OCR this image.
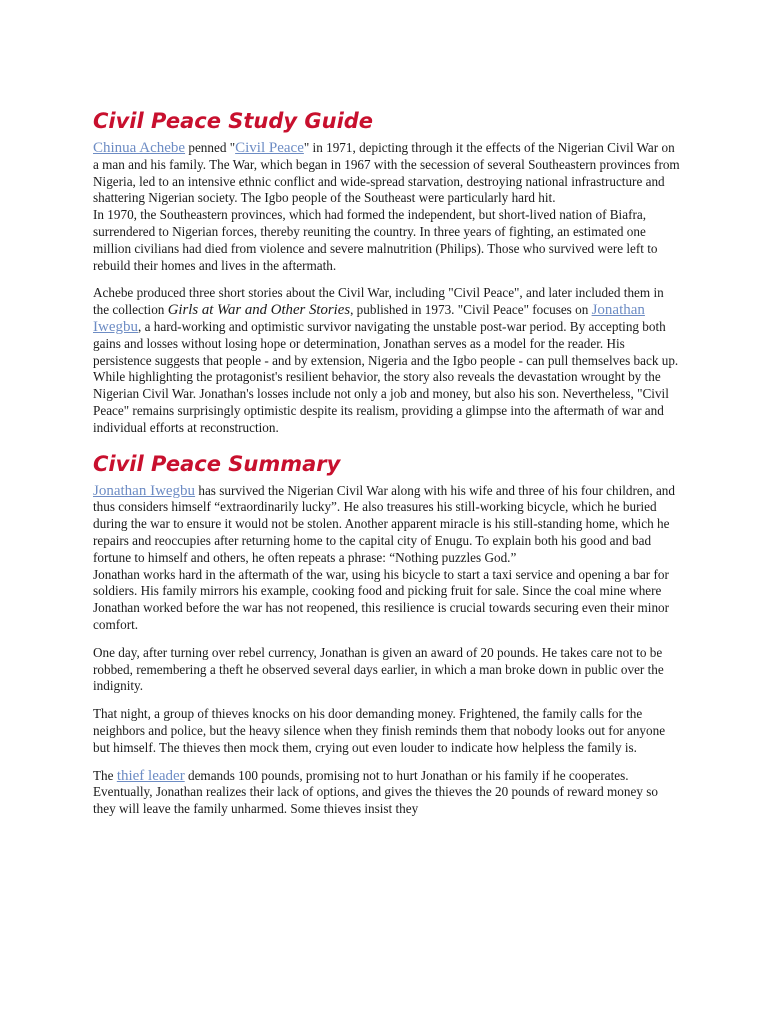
Civil Peace Study Guide

Chinua Achebe penned "Civil Peace" in 1971, depicting through it the effects of the Nigerian Civil War on a man and his family. The War, which began in 1967 with the secession of several Southeastern provinces from Nigeria, led to an intensive ethnic conflict and wide-spread starvation, destroying national infrastructure and shattering Nigerian society. The Igbo people of the Southeast were particularly hard hit.

In 1970, the Southeastern provinces, which had formed the independent, but short-lived nation of Biafra, surrendered to Nigerian forces, thereby reuniting the country. In three years of fighting, an estimated one million civilians had died from violence and severe malnutrition (Philips). Those who survived were left to rebuild their homes and lives in the aftermath.

Achebe produced three short stories about the Civil War, including "Civil Peace", and later included them in the collection Girls at War and Other Stories, published in 1973. "Civil Peace" focuses on Jonathan Iwegbu, a hard-working and optimistic survivor navigating the unstable post-war period. By accepting both gains and losses without losing hope or determination, Jonathan serves as a model for the reader. His persistence suggests that people - and by extension, Nigeria and the Igbo people - can pull themselves back up. While highlighting the protagonist's resilient behavior, the story also reveals the devastation wrought by the Nigerian Civil War. Jonathan's losses include not only a job and money, but also his son. Nevertheless, "Civil Peace" remains surprisingly optimistic despite its realism, providing a glimpse into the aftermath of war and individual efforts at reconstruction.

Civil Peace Summary

Jonathan Iwegbu has survived the Nigerian Civil War along with his wife and three of his four children, and thus considers himself “extraordinarily lucky”. He also treasures his still-working bicycle, which he buried during the war to ensure it would not be stolen. Another apparent miracle is his still-standing home, which he repairs and reoccupies after returning home to the capital city of Enugu. To explain both his good and bad fortune to himself and others, he often repeats a phrase: “Nothing puzzles God.”

Jonathan works hard in the aftermath of the war, using his bicycle to start a taxi service and opening a bar for soldiers. His family mirrors his example, cooking food and picking fruit for sale. Since the coal mine where Jonathan worked before the war has not reopened, this resilience is crucial towards securing even their minor comfort.

One day, after turning over rebel currency, Jonathan is given an award of 20 pounds. He takes care not to be robbed, remembering a theft he observed several days earlier, in which a man broke down in public over the indignity.

That night, a group of thieves knocks on his door demanding money. Frightened, the family calls for the neighbors and police, but the heavy silence when they finish reminds them that nobody looks out for anyone but himself. The thieves then mock them, crying out even louder to indicate how helpless the family is.

The thief leader demands 100 pounds, promising not to hurt Jonathan or his family if he cooperates. Eventually, Jonathan realizes their lack of options, and gives the thieves the 20 pounds of reward money so they will leave the family unharmed. Some thieves insist they
